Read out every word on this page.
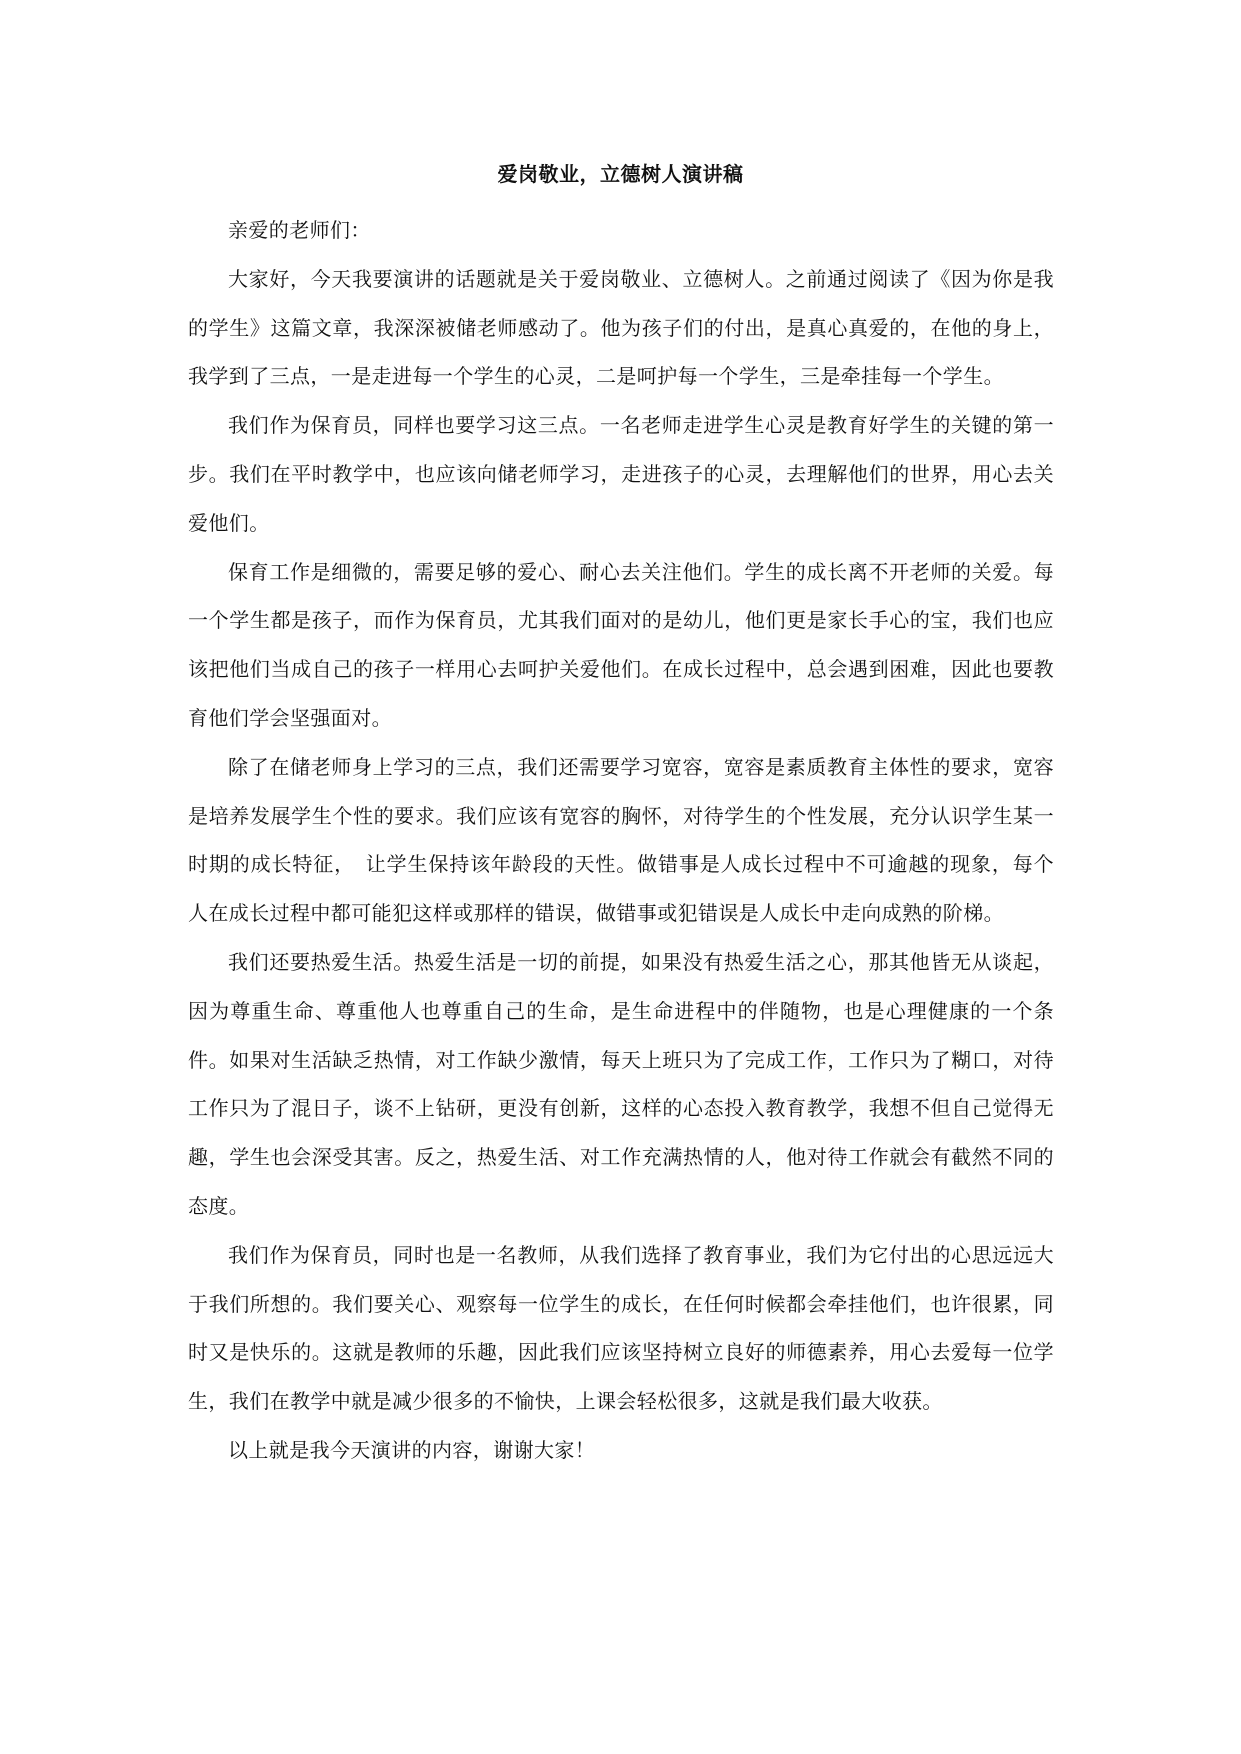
爱岗敬业，立德树人演讲稿

亲爱的老师们：

大家好，今天我要演讲的话题就是关于爱岗敬业、立德树人。之前通过阅读了《因为你是我的学生》这篇文章，我深深被储老师感动了。他为孩子们的付出，是真心真爱的，在他的身上，我学到了三点，一是走进每一个学生的心灵，二是呵护每一个学生，三是牵挂每一个学生。

我们作为保育员，同样也要学习这三点。一名老师走进学生心灵是教育好学生的关键的第一步。我们在平时教学中，也应该向储老师学习，走进孩子的心灵，去理解他们的世界，用心去关爱他们。

保育工作是细微的，需要足够的爱心、耐心去关注他们。学生的成长离不开老师的关爱。每一个学生都是孩子，而作为保育员，尤其我们面对的是幼儿，他们更是家长手心的宝，我们也应该把他们当成自己的孩子一样用心去呵护关爱他们。在成长过程中，总会遇到困难，因此也要教育他们学会坚强面对。

除了在储老师身上学习的三点，我们还需要学习宽容，宽容是素质教育主体性的要求，宽容是培养发展学生个性的要求。我们应该有宽容的胸怀，对待学生的个性发展，充分认识学生某一时期的成长特征，　让学生保持该年龄段的天性。做错事是人成长过程中不可逾越的现象，每个人在成长过程中都可能犯这样或那样的错误，做错事或犯错误是人成长中走向成熟的阶梯。

我们还要热爱生活。热爱生活是一切的前提，如果没有热爱生活之心，那其他皆无从谈起，因为尊重生命、尊重他人也尊重自己的生命，是生命进程中的伴随物，也是心理健康的一个条件。如果对生活缺乏热情，对工作缺少激情，每天上班只为了完成工作，工作只为了糊口，对待工作只为了混日子，谈不上钻研，更没有创新，这样的心态投入教育教学，我想不但自己觉得无趣，学生也会深受其害。反之，热爱生活、对工作充满热情的人，他对待工作就会有截然不同的态度。

我们作为保育员，同时也是一名教师，从我们选择了教育事业，我们为它付出的心思远远大于我们所想的。我们要关心、观察每一位学生的成长，在任何时候都会牵挂他们，也许很累，同时又是快乐的。这就是教师的乐趣，因此我们应该坚持树立良好的师德素养，用心去爱每一位学生，我们在教学中就是减少很多的不愉快，上课会轻松很多，这就是我们最大收获。

以上就是我今天演讲的内容，谢谢大家！
